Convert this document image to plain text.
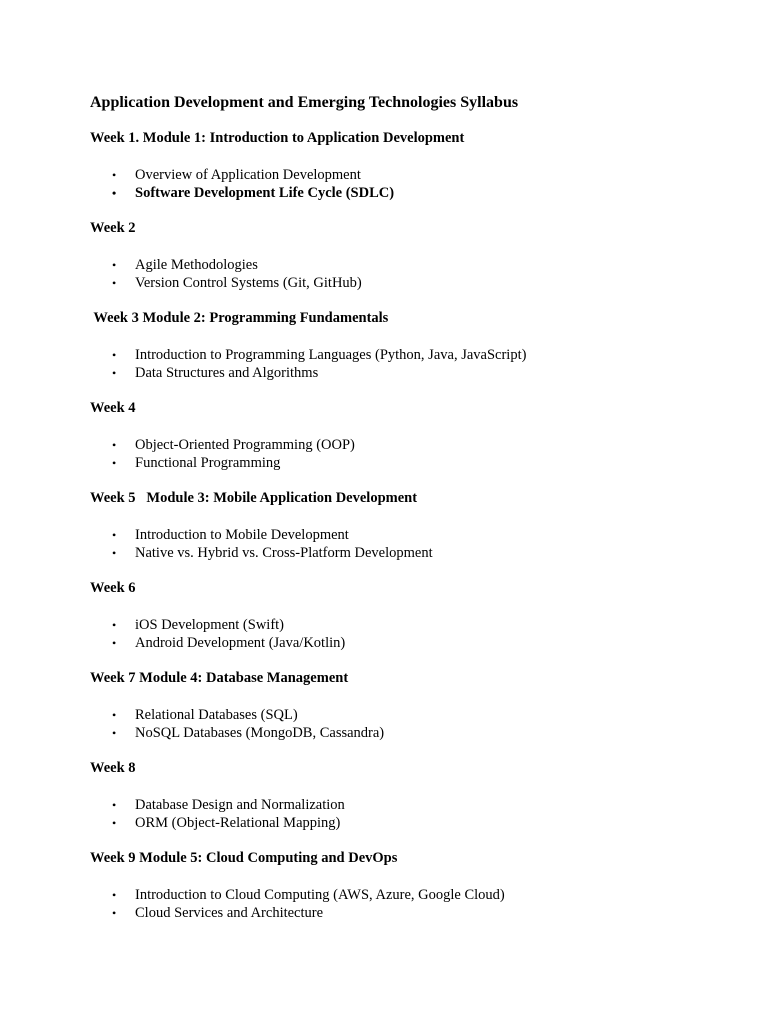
Application Development and Emerging Technologies Syllabus
Week 1. Module 1: Introduction to Application Development
• Overview of Application Development
• Software Development Life Cycle (SDLC)
Week 2
• Agile Methodologies
• Version Control Systems (Git, GitHub)
Week 3 Module 2: Programming Fundamentals
• Introduction to Programming Languages (Python, Java, JavaScript)
• Data Structures and Algorithms
Week 4
• Object-Oriented Programming (OOP)
• Functional Programming
Week 5   Module 3: Mobile Application Development
• Introduction to Mobile Development
• Native vs. Hybrid vs. Cross-Platform Development
Week 6
• iOS Development (Swift)
• Android Development (Java/Kotlin)
Week 7 Module 4: Database Management
• Relational Databases (SQL)
• NoSQL Databases (MongoDB, Cassandra)
Week 8
• Database Design and Normalization
• ORM (Object-Relational Mapping)
Week 9 Module 5: Cloud Computing and DevOps
• Introduction to Cloud Computing (AWS, Azure, Google Cloud)
• Cloud Services and Architecture
